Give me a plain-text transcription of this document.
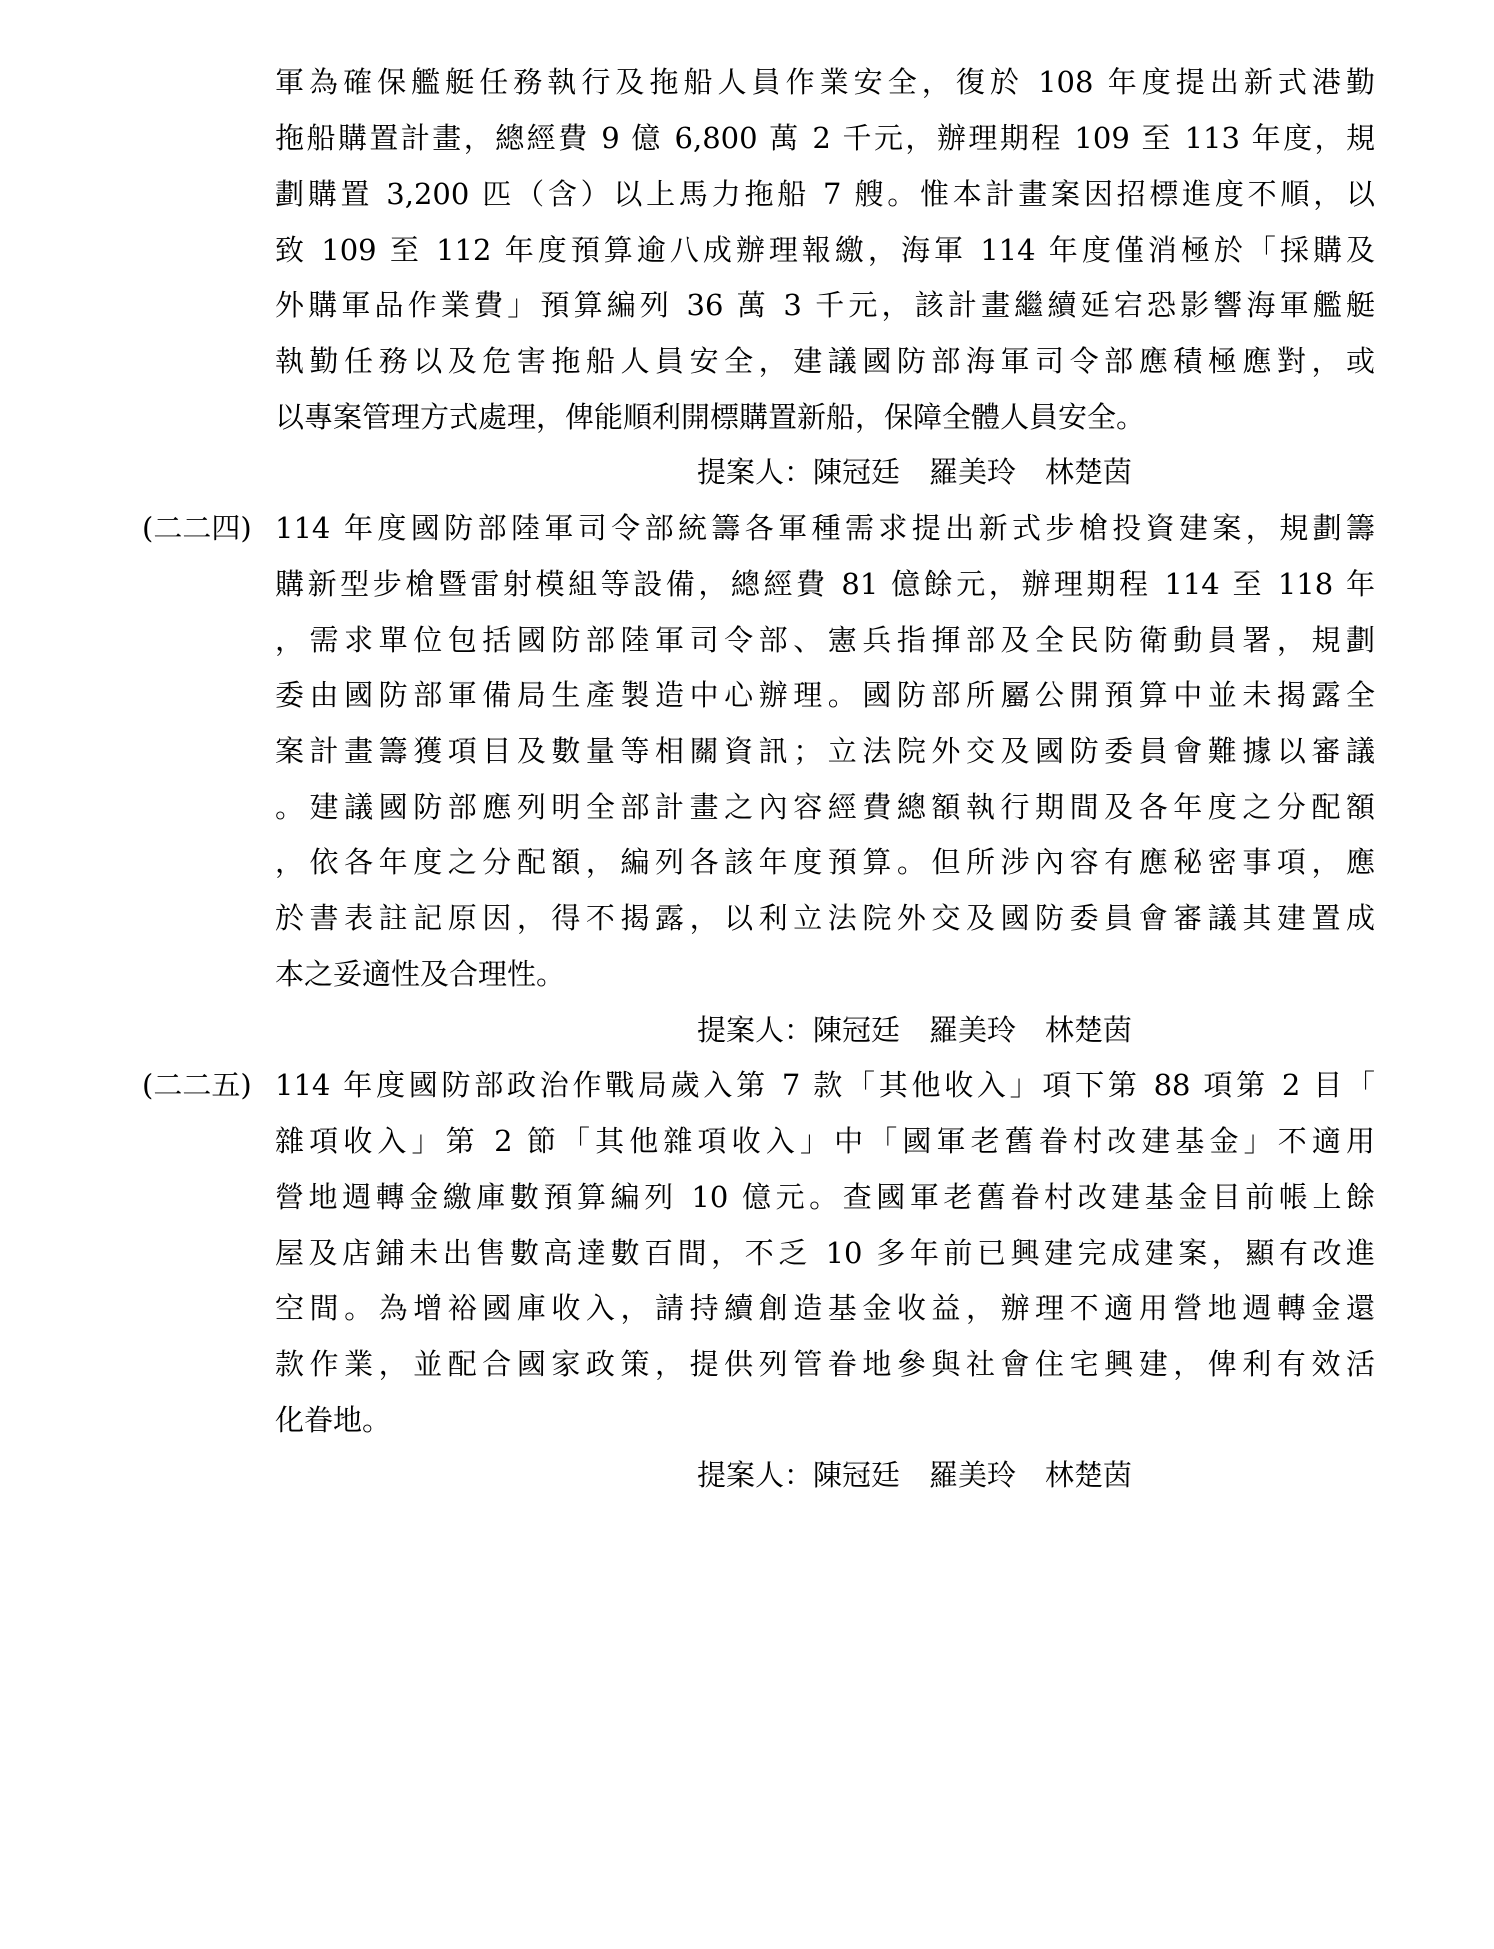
軍為確保艦艇任務執行及拖船人員作業安全，復於 108 年度提出新式港勤
拖船購置計畫，總經費 9 億 6,800 萬 2 千元，辦理期程 109 至 113 年度，規
劃購置 3,200 匹（含）以上馬力拖船 7 艘。惟本計畫案因招標進度不順，以
致 109 至 112 年度預算逾八成辦理報繳，海軍 114 年度僅消極於「採購及
外購軍品作業費」預算編列 36 萬 3 千元，該計畫繼續延宕恐影響海軍艦艇
執勤任務以及危害拖船人員安全，建議國防部海軍司令部應積極應對，或
以專案管理方式處理，俾能順利開標購置新船，保障全體人員安全。
提案人：陳冠廷　羅美玲　林楚茵
(二二四) 114 年度國防部陸軍司令部統籌各軍種需求提出新式步槍投資建案，規劃籌
購新型步槍暨雷射模組等設備，總經費 81 億餘元，辦理期程 114 至 118 年
，需求單位包括國防部陸軍司令部、憲兵指揮部及全民防衛動員署，規劃
委由國防部軍備局生產製造中心辦理。國防部所屬公開預算中並未揭露全
案計畫籌獲項目及數量等相關資訊；立法院外交及國防委員會難據以審議
。建議國防部應列明全部計畫之內容經費總額執行期間及各年度之分配額
，依各年度之分配額，編列各該年度預算。但所涉內容有應秘密事項，應
於書表註記原因，得不揭露，以利立法院外交及國防委員會審議其建置成
本之妥適性及合理性。
提案人：陳冠廷　羅美玲　林楚茵
(二二五) 114 年度國防部政治作戰局歲入第 7 款「其他收入」項下第 88 項第 2 目「
雜項收入」第 2 節「其他雜項收入」中「國軍老舊眷村改建基金」不適用
營地週轉金繳庫數預算編列 10 億元。查國軍老舊眷村改建基金目前帳上餘
屋及店鋪未出售數高達數百間，不乏 10 多年前已興建完成建案，顯有改進
空間。為增裕國庫收入，請持續創造基金收益，辦理不適用營地週轉金還
款作業，並配合國家政策，提供列管眷地參與社會住宅興建，俾利有效活
化眷地。
提案人：陳冠廷　羅美玲　林楚茵
